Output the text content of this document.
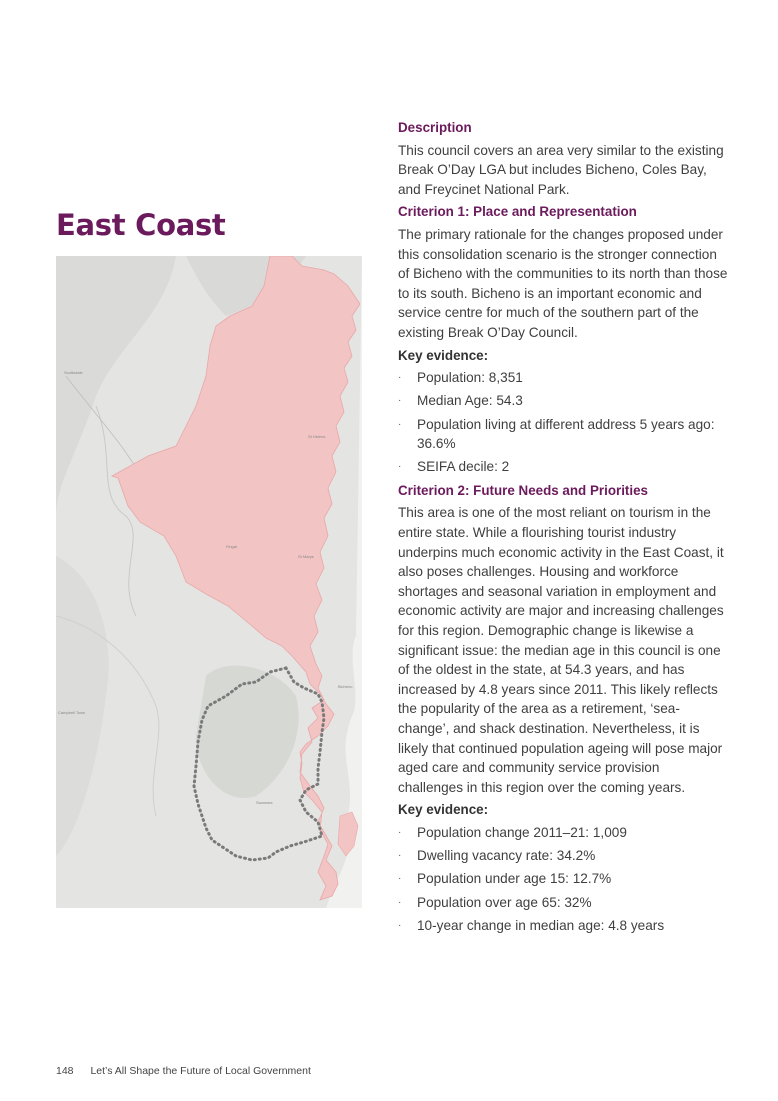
East Coast
Scottsdale
Campbell Town
St Marys
St Helens
Bicheno
Swansea
Fingal
Description

This council covers an area very similar to the existing Break O’Day LGA but includes Bicheno, Coles Bay, and Freycinet National Park.

Criterion 1: Place and Representation

The primary rationale for the changes proposed under this consolidation scenario is the stronger connection of Bicheno with the communities to its north than those to its south. Bicheno is an important economic and service centre for much of the southern part of the existing Break O’Day Council.

Key evidence:
· Population: 8,351
· Median Age: 54.3
· Population living at different address 5 years ago: 36.6%
· SEIFA decile: 2
Criterion 2: Future Needs and Priorities

This area is one of the most reliant on tourism in the entire state. While a flourishing tourist industry underpins much economic activity in the East Coast, it also poses challenges. Housing and workforce shortages and seasonal variation in employment and economic activity are major and increasing challenges for this region. Demographic change is likewise a significant issue: the median age in this council is one of the oldest in the state, at 54.3 years, and has increased by 4.8 years since 2011. This likely reflects the popularity of the area as a retirement, ‘sea-change’, and shack destination. Nevertheless, it is likely that continued population ageing will pose major aged care and community service provision challenges in this region over the coming years.

Key evidence:
· Population change 2011–21: 1,009
· Dwelling vacancy rate: 34.2%
· Population under age 15: 12.7%
· Population over age 65: 32%
· 10-year change in median age: 4.8 years
148 Let’s All Shape the Future of Local Government
